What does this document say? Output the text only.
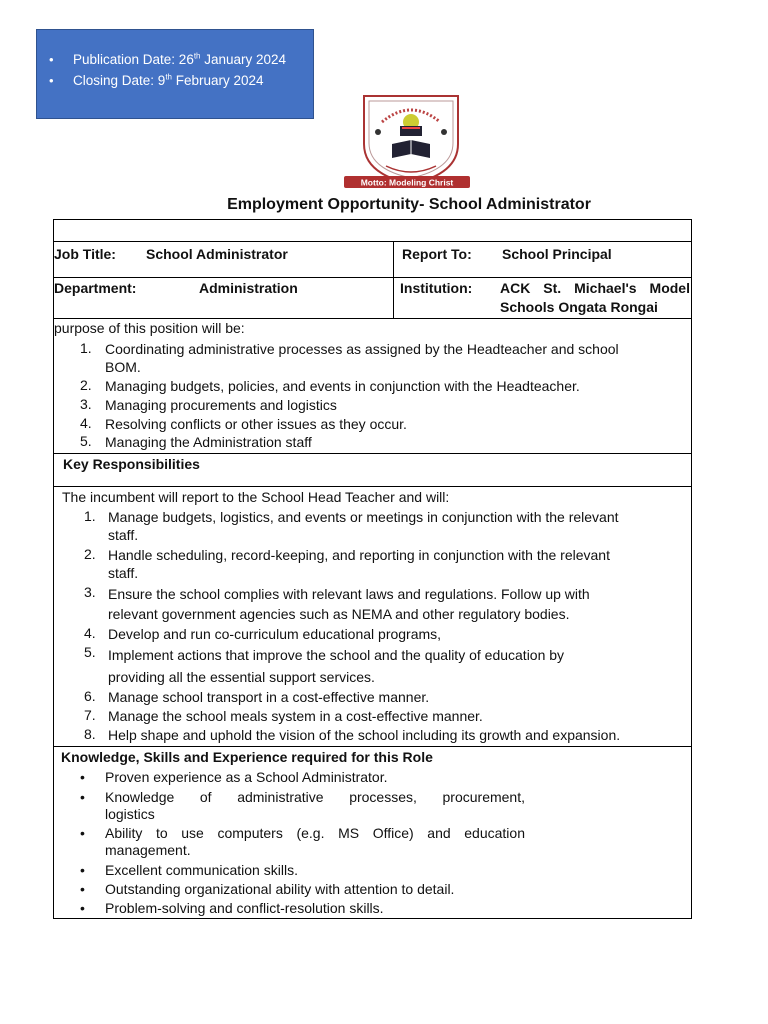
• Publication Date: 26th January 2024
• Closing Date: 9th February 2024
Motto: Modeling Christ
Employment Opportunity- School Administrator
Job Title: School Administrator	Report To: School Principal
Department:	Administration	Institution: ACK St. Michael's Model
Schools Ongata Rongai
purpose of this position will be:
1. Coordinating administrative processes as assigned by the Headteacher and school
BOM.
2. Managing budgets, policies, and events in conjunction with the Headteacher.
3. Managing procurements and logistics
4. Resolving conflicts or other issues as they occur.
5. Managing the Administration staff
Key Responsibilities
The incumbent will report to the School Head Teacher and will:
1. Manage budgets, logistics, and events or meetings in conjunction with the relevant
staff.
2. Handle scheduling, record-keeping, and reporting in conjunction with the relevant
staff.
3. Ensure the school complies with relevant laws and regulations. Follow up with
relevant government agencies such as NEMA and other regulatory bodies.
4. Develop and run co-curriculum educational programs,
5. Implement actions that improve the school and the quality of education by
providing all the essential support services.
6. Manage school transport in a cost-effective manner.
7. Manage the school meals system in a cost-effective manner.
8. Help shape and uphold the vision of the school including its growth and expansion.
Knowledge, Skills and Experience required for this Role
•	Proven experience as a School Administrator.
• Knowledge of administrative processes, procurement,
logistics
• Ability to use computers (e.g. MS Office) and education
management.
•	Excellent communication skills.
•	Outstanding organizational ability with attention to detail.
•	Problem-solving and conflict-resolution skills.
